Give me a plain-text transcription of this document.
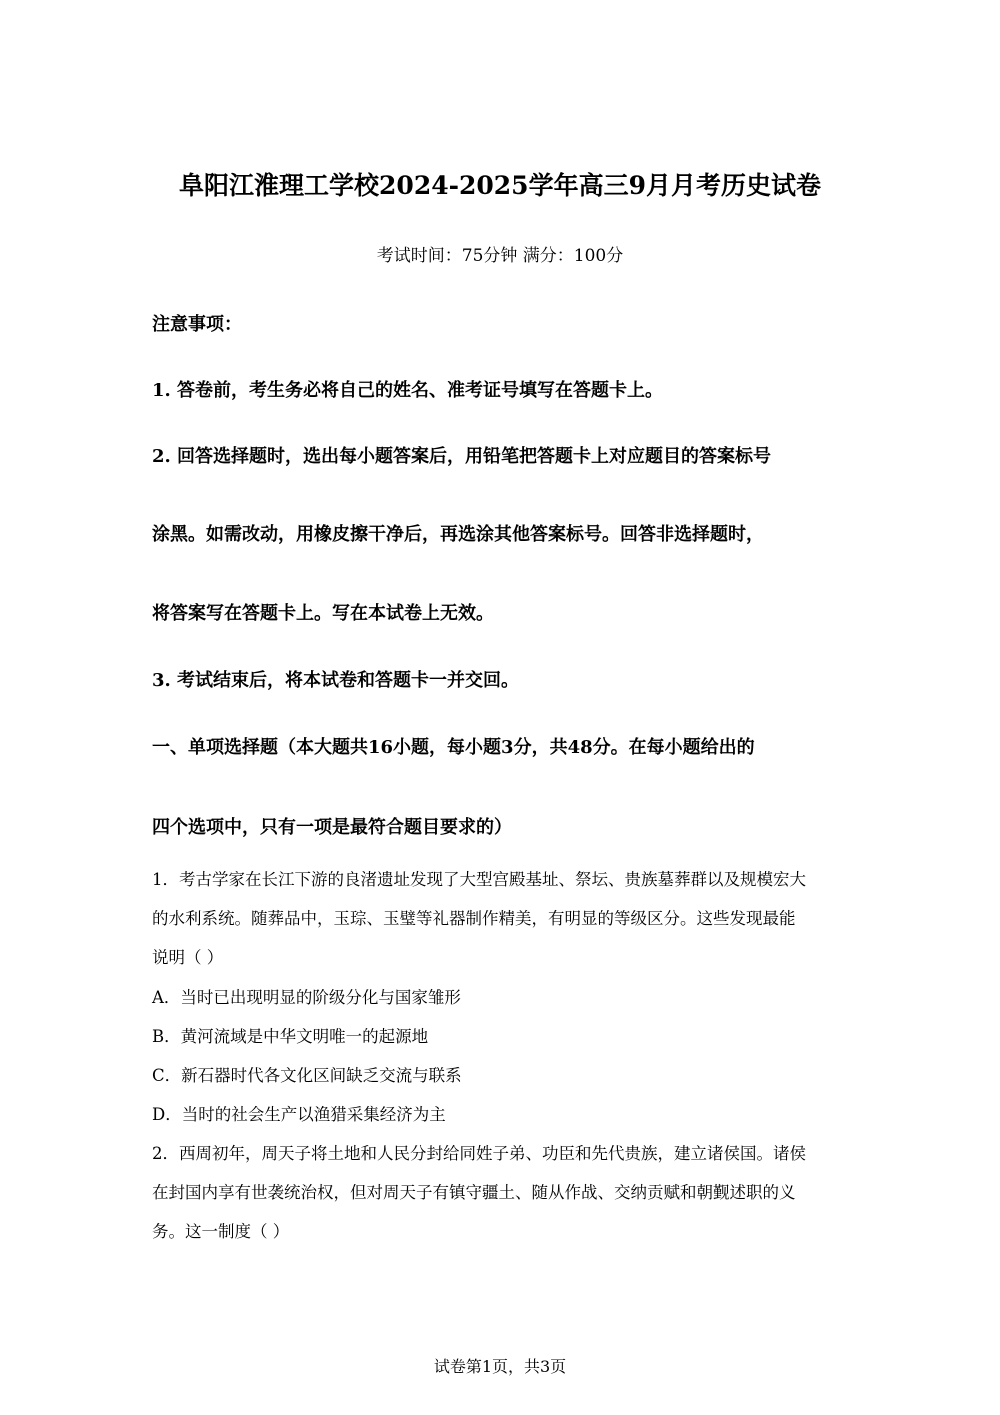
阜阳江淮理工学校2024-2025学年高三9月月考历史试卷
考试时间：75分钟 满分：100分
注意事项：
1. 答卷前，考生务必将自己的姓名、准考证号填写在答题卡上。
2. 回答选择题时，选出每小题答案后，用铅笔把答题卡上对应题目的答案标号
涂黑。如需改动，用橡皮擦干净后，再选涂其他答案标号。回答非选择题时，
将答案写在答题卡上。写在本试卷上无效。
3. 考试结束后，将本试卷和答题卡一并交回。
一、单项选择题（本大题共16小题，每小题3分，共48分。在每小题给出的
四个选项中，只有一项是最符合题目要求的）
1．考古学家在长江下游的良渚遗址发现了大型宫殿基址、祭坛、贵族墓葬群以及规模宏大
的水利系统。随葬品中，玉琮、玉璧等礼器制作精美，有明显的等级区分。这些发现最能
说明（ ）
A．当时已出现明显的阶级分化与国家雏形
B．黄河流域是中华文明唯一的起源地
C．新石器时代各文化区间缺乏交流与联系
D．当时的社会生产以渔猎采集经济为主
2．西周初年，周天子将土地和人民分封给同姓子弟、功臣和先代贵族，建立诸侯国。诸侯
在封国内享有世袭统治权，但对周天子有镇守疆土、随从作战、交纳贡赋和朝觐述职的义
务。这一制度（ ）
试卷第1页，共3页
